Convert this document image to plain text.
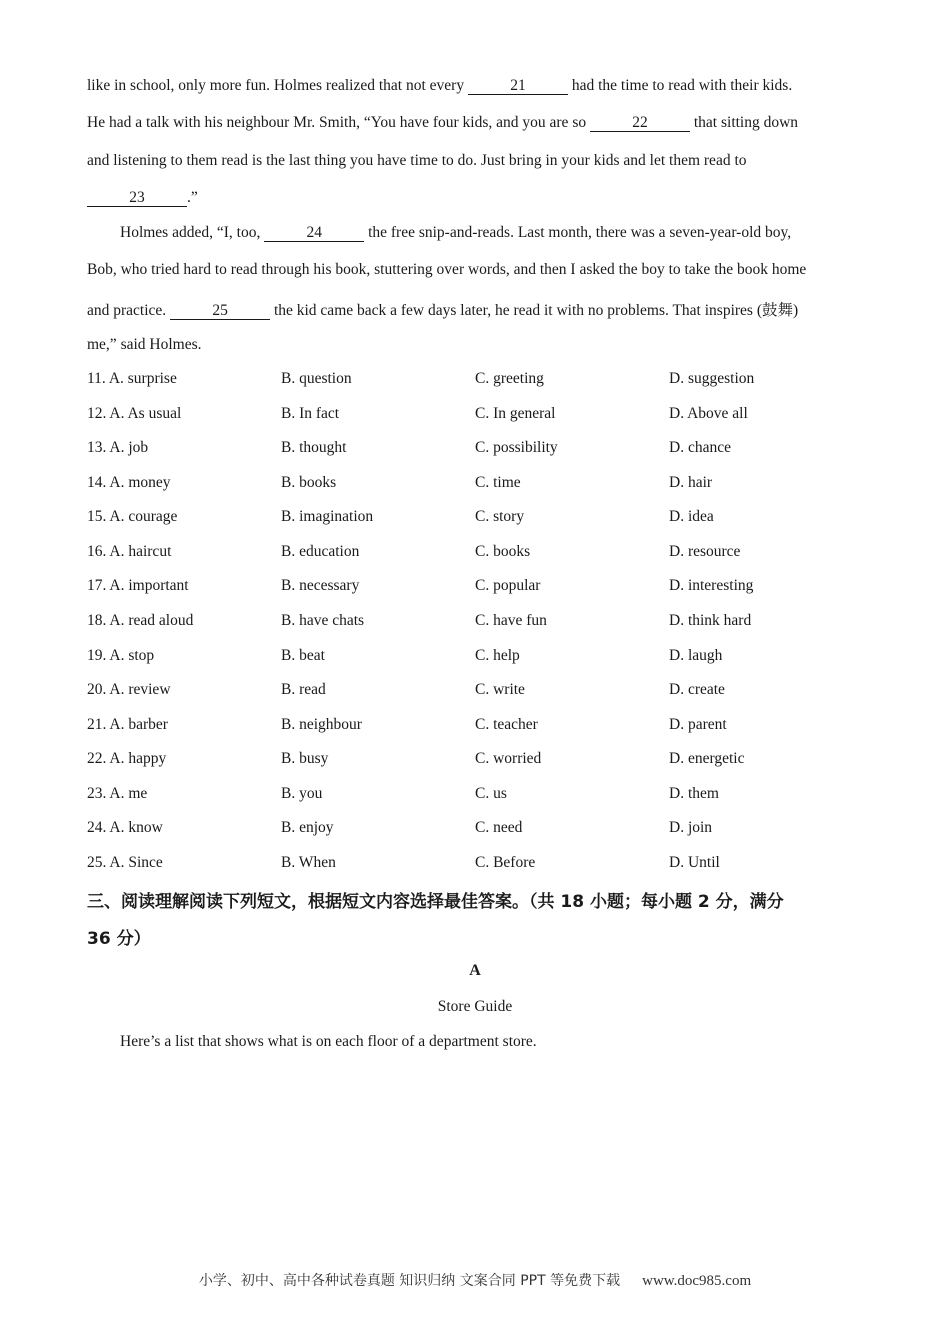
like in school, only more fun. Holmes realized that not every	21	had the time to read with their kids.
He had a talk with his neighbour Mr. Smith, “You have four kids, and you are so	22	that sitting down
and listening to them read is the last thing you have time to do. Just bring in your kids and let them read to
23	.”
Holmes added, “I, too,	24	the free snip-and-reads. Last month, there was a seven-year-old boy,
Bob, who tried hard to read through his book, stuttering over words, and then I asked the boy to take the book home
and practice.	25	the kid came back a few days later, he read it with no problems. That inspires (鼓舞)
me,” said Holmes.
11. A. surprise	B. question	C. greeting	D. suggestion
12. A. As usual	B. In fact	C. In general	D. Above all
13. A. job	B. thought	C. possibility	D. chance
14. A. money	B. books	C. time	D. hair
15. A. courage	B. imagination	C. story	D. idea
16. A. haircut	B. education	C. books	D. resource
17. A. important	B. necessary	C. popular	D. interesting
18. A. read aloud	B. have chats	C. have fun	D. think hard
19. A. stop	B. beat	C. help	D. laugh
20. A. review	B. read	C. write	D. create
21. A. barber	B. neighbour	C. teacher	D. parent
22. A. happy	B. busy	C. worried	D. energetic
23. A. me	B. you	C. us	D. them
24. A. know	B. enjoy	C. need	D. join
25. A. Since	B. When	C. Before	D. Until
三、阅读理解阅读下列短文，根据短文内容选择最佳答案。（共 18 小题；每小题 2 分，满分
36 分）
A
Store Guide
Here’s a list that shows what is on each floor of a department store.
小学、初中、高中各种试卷真题 知识归纳 文案合同 PPT 等免费下载 www.doc985.com
